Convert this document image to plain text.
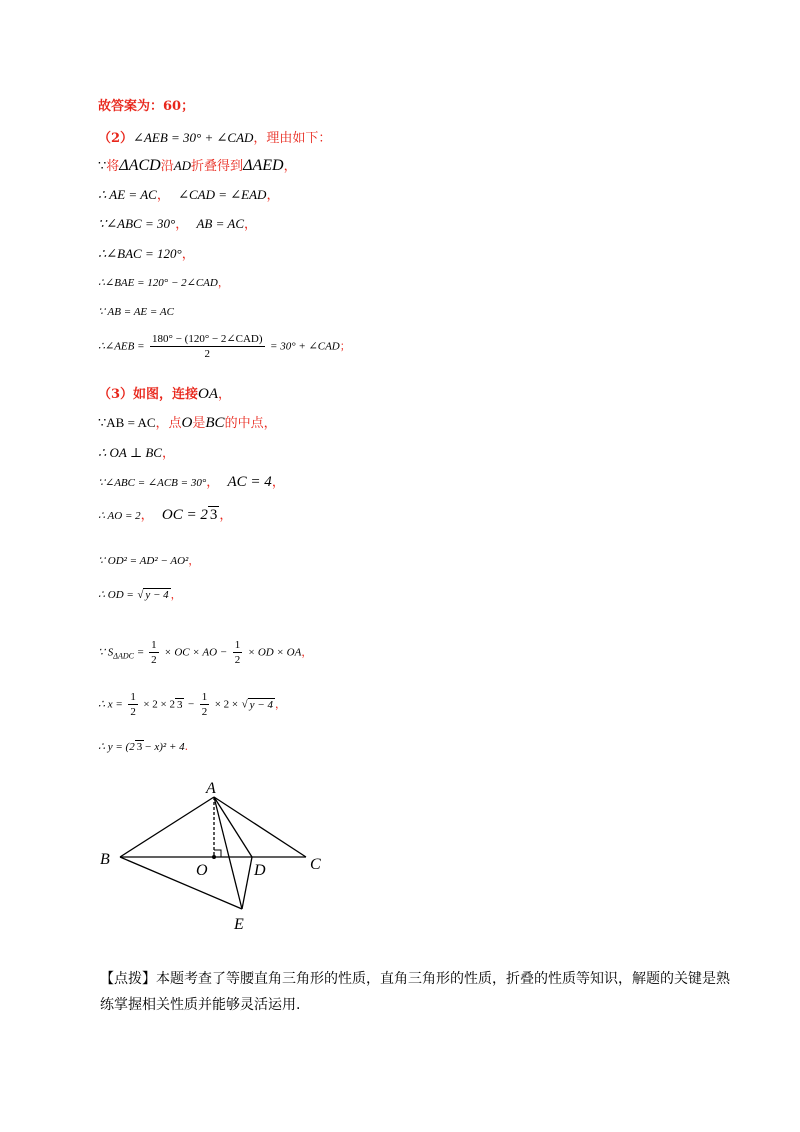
故答案为：60；
（2）∠AEB = 30° + ∠CAD，理由如下：
∵将ΔACD沿AD折叠得到ΔAED，
∴ AE = AC， ∠CAD = ∠EAD，
∵∠ABC = 30°， AB = AC，
∴∠BAC = 120°，
∴∠BAE = 120° − 2∠CAD，
∵ AB = AE = AC
∴∠AEB = $\frac{\text{180° − (120° − 2∠CAD)}}{2} = 30^\circ$ + ∠CAD；
（3）如图，连接OA，
∵AB = AC，点O是BC的中点，
∴ OA ⊥ BC，
∵∠ABC = ∠ACB = 30°， AC = 4，
∴ AO = 2， OC = 2 3 ，
∵ OD² = AD² − AO²，
∴ OD = √ y − 4 ，
∵ $S_{\Delta ADC} = \frac{1}{2}$ × OC × AO − $\frac{1}{2}$ × OD × OA，
∴ $x = \frac{1}{2} \times 2 \times 2$ $3 - \frac{1}{2} \times 2$ × √ y − 4 ，
∴ y = (2 3 − x)² + 4.
A
B	C
O	D
E
【点拨】本题考查了等腰直角三角形的性质，直角三角形的性质，折叠的性质等知识，解题的关键是熟练掌握相关性质并能够灵活运用.
